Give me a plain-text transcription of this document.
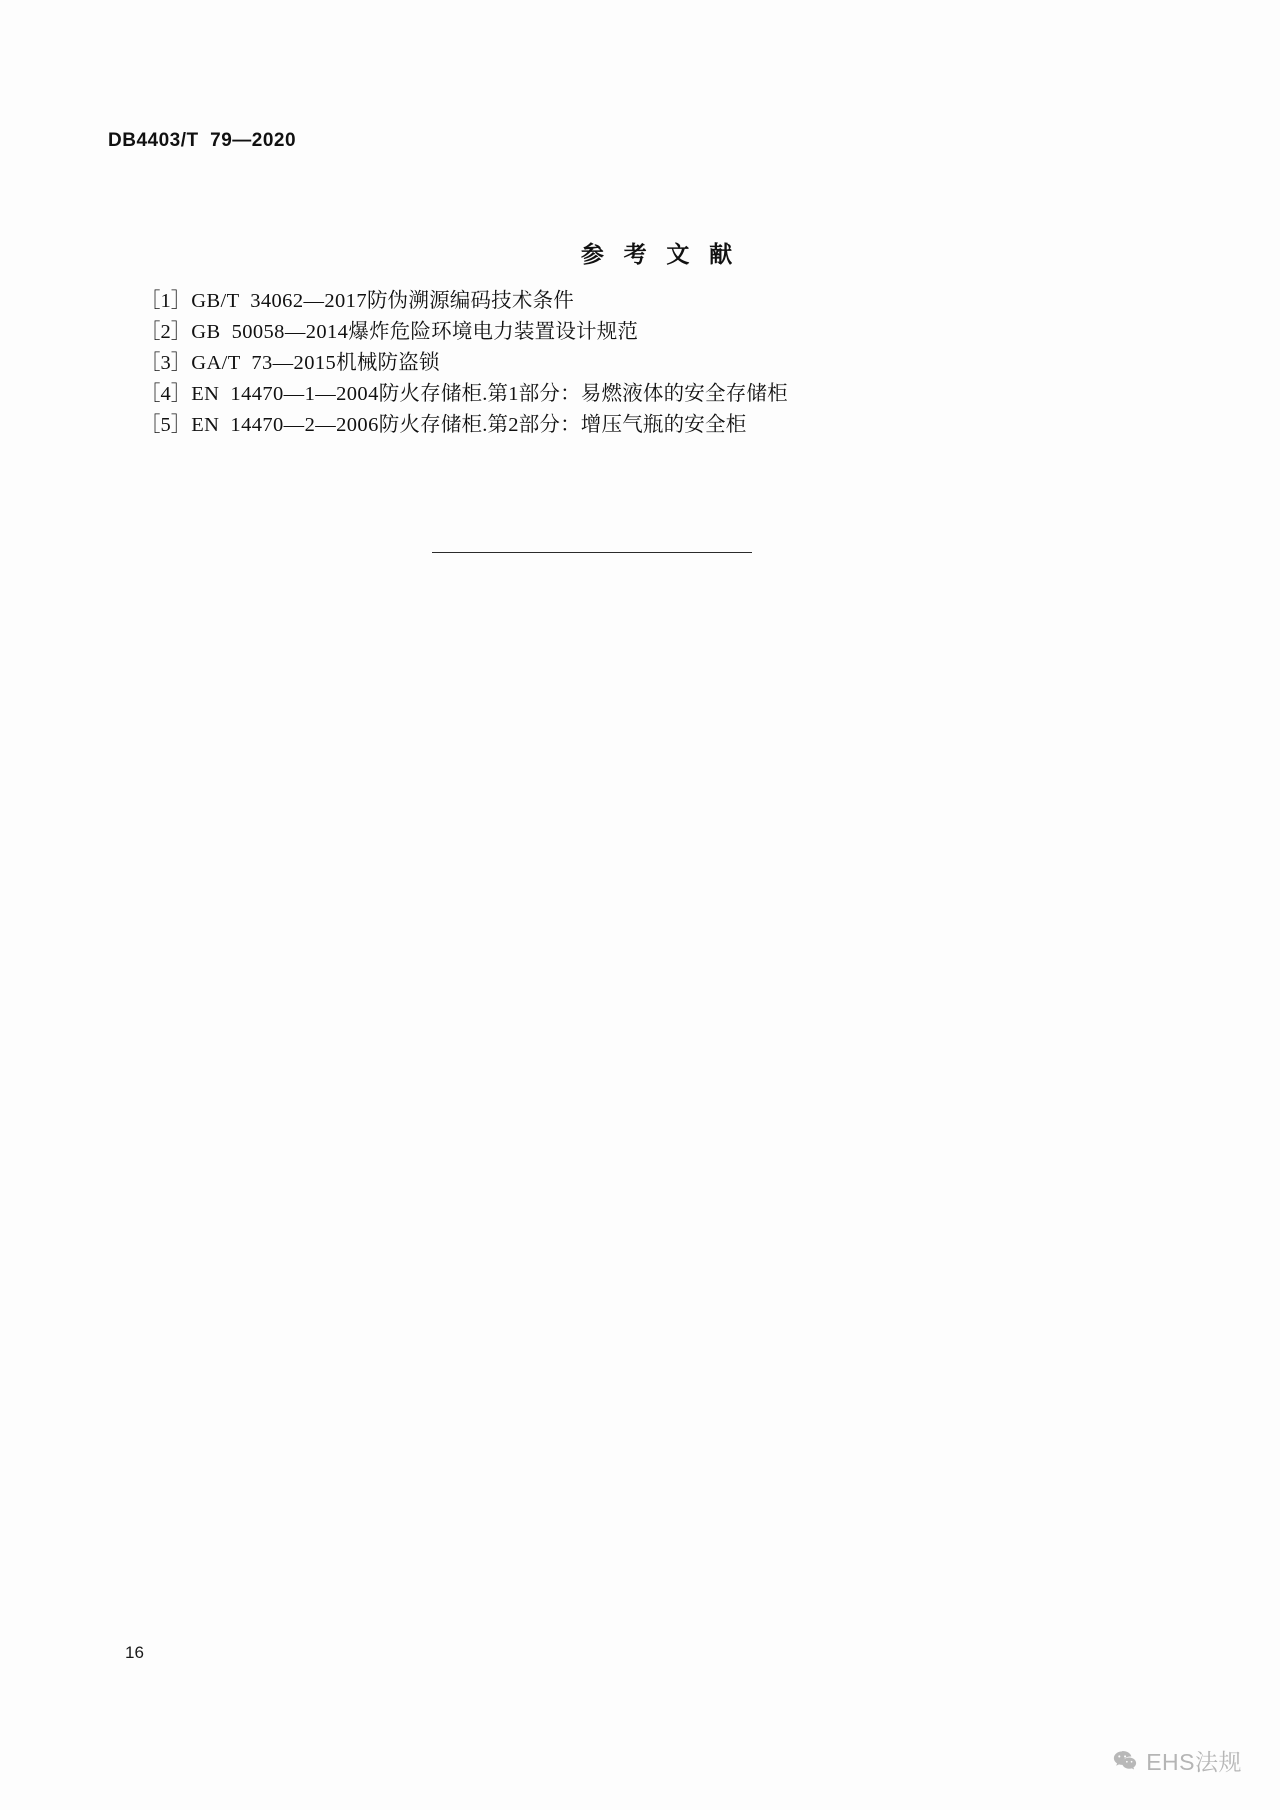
DB4403/T  79—2020
参 考 文 献
［1］ GB/T  34062—2017 防伪溯源编码技术条件
［2］ GB  50058—2014 爆炸危险环境电力装置设计规范
［3］ GA/T  73—2015 机械防盗锁
［4］ EN  14470—1—2004 防火存储柜.第1部分：易燃液体的安全存储柜
［5］ EN  14470—2—2006 防火存储柜.第2部分：增压气瓶的安全柜
16
EHS法规
